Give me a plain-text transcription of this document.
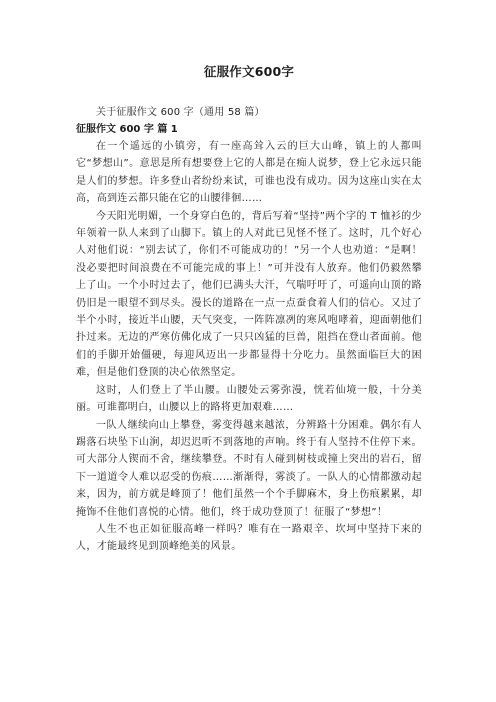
征服作文600字

关于征服作文 600 字（通用 58 篇）

征服作文 600 字 篇 1

在一个遥远的小镇旁，有一座高耸入云的巨大山峰，镇上的人都叫它“梦想山”。意思是所有想要登上它的人都是在痴人说梦，登上它永远只能是人们的梦想。许多登山者纷纷来试，可谁也没有成功。因为这座山实在太高，高到连云都只能在它的山腰徘徊……

今天阳光明媚，一个身穿白色的，背后写着“坚持”两个字的 T 恤衫的少年领着一队人来到了山脚下。镇上的人对此已见怪不怪了。这时，几个好心人对他们说：“别去试了，你们不可能成功的！”另一个人也劝道：“是啊！没必要把时间浪费在不可能完成的事上！”可并没有人放弃。他们仍毅然攀上了山。一个小时过去了，他们已满头大汗，气喘吁吁了，可遥向山顶的路仍旧是一眼望不到尽头。漫长的道路在一点一点蚕食着人们的信心。又过了半个小时，接近半山腰，天气突变，一阵阵凛冽的寒风咆哮着，迎面朝他们扑过来。无边的严寒仿佛化成了一只只凶猛的巨兽，阻挡在登山者面前。他们的手脚开始僵硬，每迎风迈出一步都显得十分吃力。虽然面临巨大的困难，但是他们登顶的决心依然坚定。

这时，人们登上了半山腰。山腰处云雾弥漫，恍若仙境一般，十分美丽。可谁都明白，山腰以上的路将更加艰难……

一队人继续向山上攀登，雾变得越来越浓，分辨路十分困难。偶尔有人踢落石块坠下山涧，却迟迟听不到落地的声响。终于有人坚持不住停下来。可大部分人锲而不舍，继续攀登。不时有人碰到树枝或撞上突出的岩石，留下一道道令人难以忍受的伤痕……渐渐得，雾淡了。一队人的心情都激动起来，因为，前方就是峰顶了！他们虽然一个个手脚麻木，身上伤痕累累，却掩饰不住他们喜悦的心情。他们，终于成功登顶了！征服了“梦想”！

人生不也正如征服高峰一样吗？唯有在一路艰辛、坎坷中坚持下来的人，才能最终见到顶峰绝美的风景。
